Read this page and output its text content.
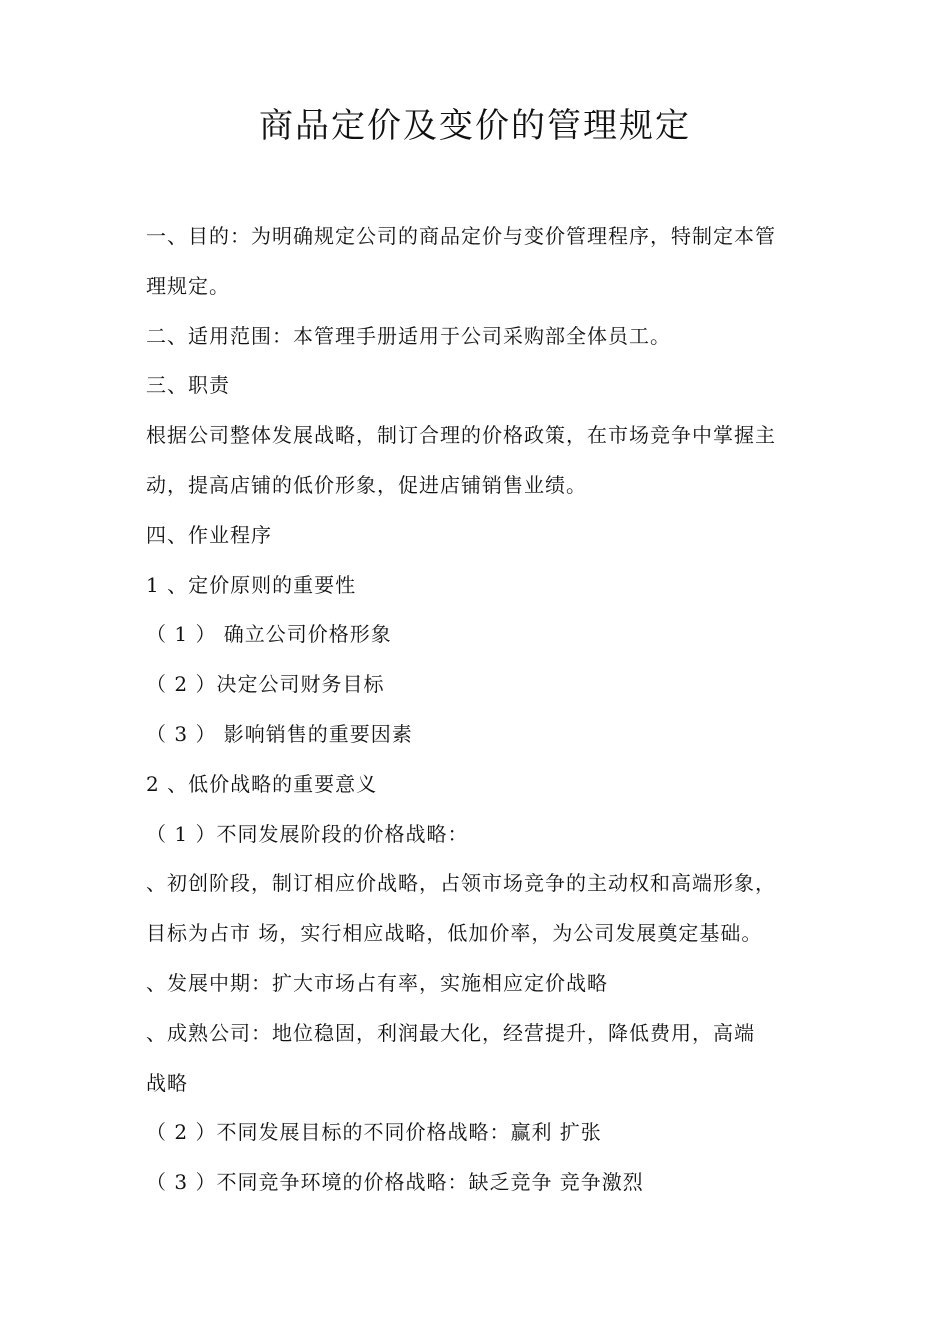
商品定价及变价的管理规定
一、目的：为明确规定公司的商品定价与变价管理程序，特制定本管
理规定。
二、适用范围：本管理手册适用于公司采购部全体员工。
三、职责
根据公司整体发展战略，制订合理的价格政策，在市场竞争中掌握主
动，提高店铺的低价形象，促进店铺销售业绩。
四、作业程序
1 、定价原则的重要性
（ 1 ） 确立公司价格形象
（ 2 ）决定公司财务目标
（ 3 ） 影响销售的重要因素
2 、低价战略的重要意义
（ 1 ）不同发展阶段的价格战略：
、初创阶段，制订相应价战略，占领市场竞争的主动权和高端形象，
目标为占市 场，实行相应战略，低加价率，为公司发展奠定基础。
、发展中期：扩大市场占有率，实施相应定价战略
、成熟公司：地位稳固，利润最大化，经营提升，降低费用，高端
战略
（ 2 ）不同发展目标的不同价格战略：赢利 扩张
（ 3 ）不同竞争环境的价格战略：缺乏竞争 竞争激烈
